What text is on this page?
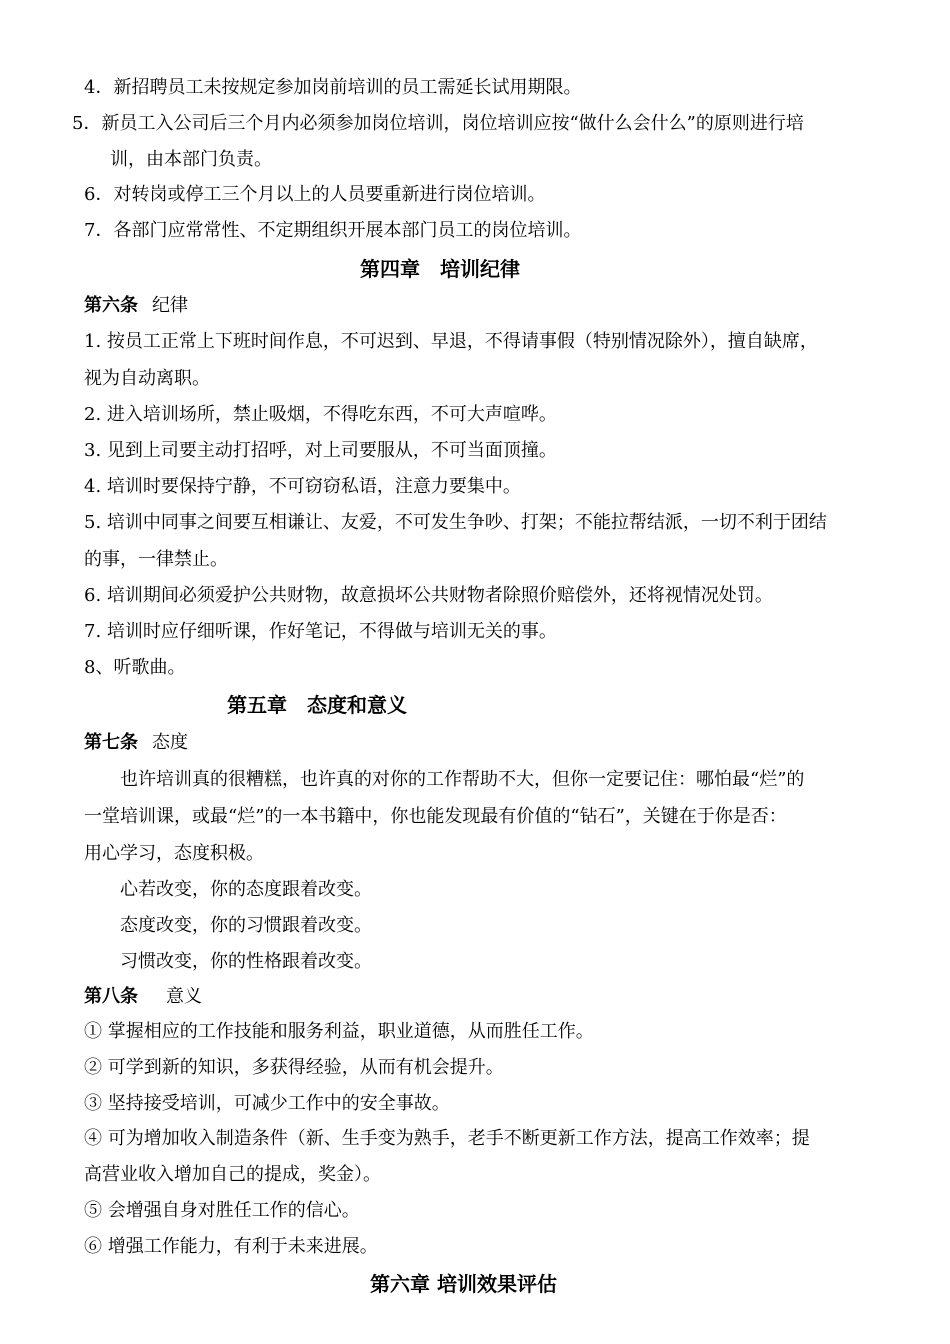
4．新招聘员工未按规定参加岗前培训的员工需延长试用期限。
5．新员工入公司后三个月内必须参加岗位培训，岗位培训应按“做什么会什么”的原则进行培
训，由本部门负责。
6．对转岗或停工三个月以上的人员要重新进行岗位培训。
7．各部门应常常性、不定期组织开展本部门员工的岗位培训。
第四章　培训纪律
第六条 纪律
1. 按员工正常上下班时间作息，不可迟到、早退，不得请事假（特别情况除外），擅自缺席，
视为自动离职。
2. 进入培训场所，禁止吸烟，不得吃东西，不可大声喧哗。
3. 见到上司要主动打招呼，对上司要服从，不可当面顶撞。
4. 培训时要保持宁静，不可窃窃私语，注意力要集中。
5. 培训中同事之间要互相谦让、友爱，不可发生争吵、打架；不能拉帮结派，一切不利于团结
的事，一律禁止。
6. 培训期间必须爱护公共财物，故意损坏公共财物者除照价赔偿外，还将视情况处罚。
7. 培训时应仔细听课，作好笔记，不得做与培训无关的事。
8、听歌曲。
第五章　态度和意义
第七条 态度
也许培训真的很糟糕，也许真的对你的工作帮助不大，但你一定要记住：哪怕最“烂”的
一堂培训课，或最“烂”的一本书籍中，你也能发现最有价值的“钻石”，关键在于你是否：
用心学习，态度积极。
心若改变，你的态度跟着改变。
态度改变，你的习惯跟着改变。
习惯改变，你的性格跟着改变。
第八条 意义
① 掌握相应的工作技能和服务利益，职业道德，从而胜任工作。
② 可学到新的知识，多获得经验，从而有机会提升。
③ 坚持接受培训，可减少工作中的安全事故。
④ 可为增加收入制造条件（新、生手变为熟手，老手不断更新工作方法，提高工作效率；提
高营业收入增加自己的提成，奖金）。
⑤ 会增强自身对胜任工作的信心。
⑥ 增强工作能力，有利于未来进展。
第六章 培训效果评估
